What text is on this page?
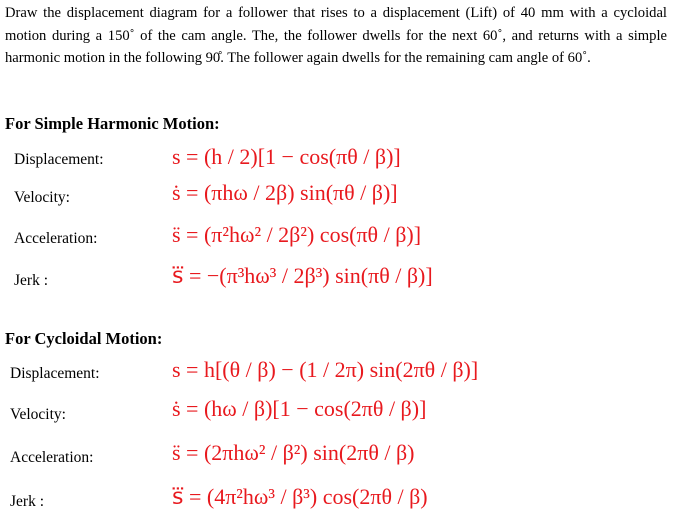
Draw the displacement diagram for a follower that rises to a displacement (Lift) of 40 mm with a cycloidal motion during a 150˚ of the cam angle. The, the follower dwells for the next 60˚, and returns with a simple harmonic motion in the following 90̊. The follower again dwells for the remaining cam angle of 60˚.
For Simple Harmonic Motion:
Displacement:	s = (h / 2)[1 − cos(πθ / β)]
Velocity:	ṡ = (πhω / 2β) sin(πθ / β)]
Acceleration:	s̈ = (π²hω² / 2β²) cos(πθ / β)]
Jerk :	s⃛ = −(π³hω³ / 2β³) sin(πθ / β)]
For Cycloidal Motion:
Displacement:	s = h[(θ / β) − (1 / 2π) sin(2πθ / β)]
Velocity:	ṡ = (hω / β)[1 − cos(2πθ / β)]
Acceleration:	s̈ = (2πhω² / β²) sin(2πθ / β)
Jerk :	s⃛ = (4π²hω³ / β³) cos(2πθ / β)
